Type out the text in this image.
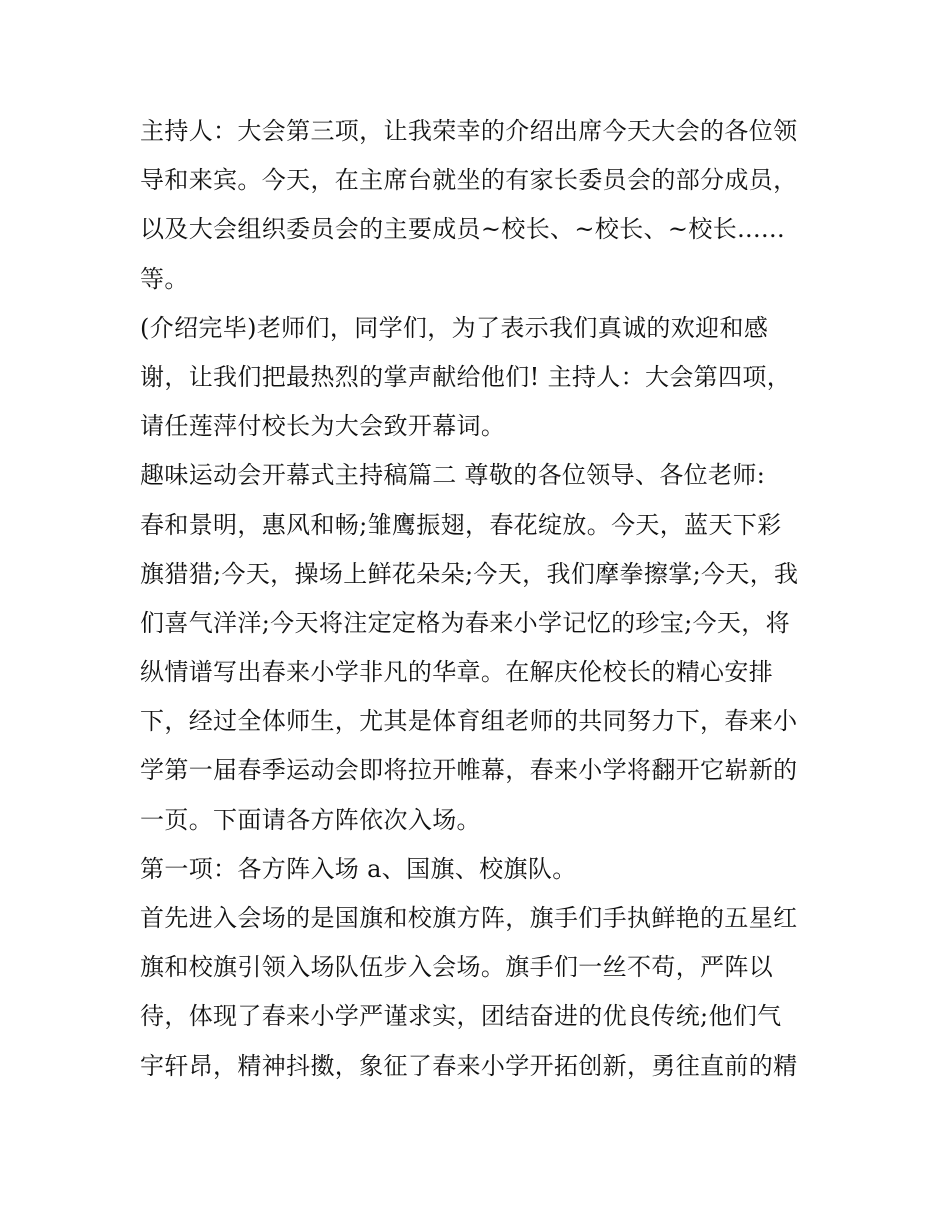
主持人：大会第三项，让我荣幸的介绍出席今天大会的各位领
导和来宾。今天，在主席台就坐的有家长委员会的部分成员，
以及大会组织委员会的主要成员~校长、~校长、~校长......
等。
(介绍完毕)老师们，同学们，为了表示我们真诚的欢迎和感
谢，让我们把最热烈的掌声献给他们! 主持人：大会第四项，
请任莲萍付校长为大会致开幕词。
趣味运动会开幕式主持稿篇二 尊敬的各位领导、各位老师:
春和景明，惠风和畅;雏鹰振翅，春花绽放。今天，蓝天下彩
旗猎猎;今天，操场上鲜花朵朵;今天，我们摩拳擦掌;今天，我
们喜气洋洋;今天将注定定格为春来小学记忆的珍宝;今天，将
纵情谱写出春来小学非凡的华章。在解庆伦校长的精心安排
下，经过全体师生，尤其是体育组老师的共同努力下，春来小
学第一届春季运动会即将拉开帷幕，春来小学将翻开它崭新的
一页。下面请各方阵依次入场。
第一项：各方阵入场 a、国旗、校旗队。
首先进入会场的是国旗和校旗方阵，旗手们手执鲜艳的五星红
旗和校旗引领入场队伍步入会场。旗手们一丝不苟，严阵以
待，体现了春来小学严谨求实，团结奋进的优良传统;他们气
宇轩昂，精神抖擞，象征了春来小学开拓创新，勇往直前的精
